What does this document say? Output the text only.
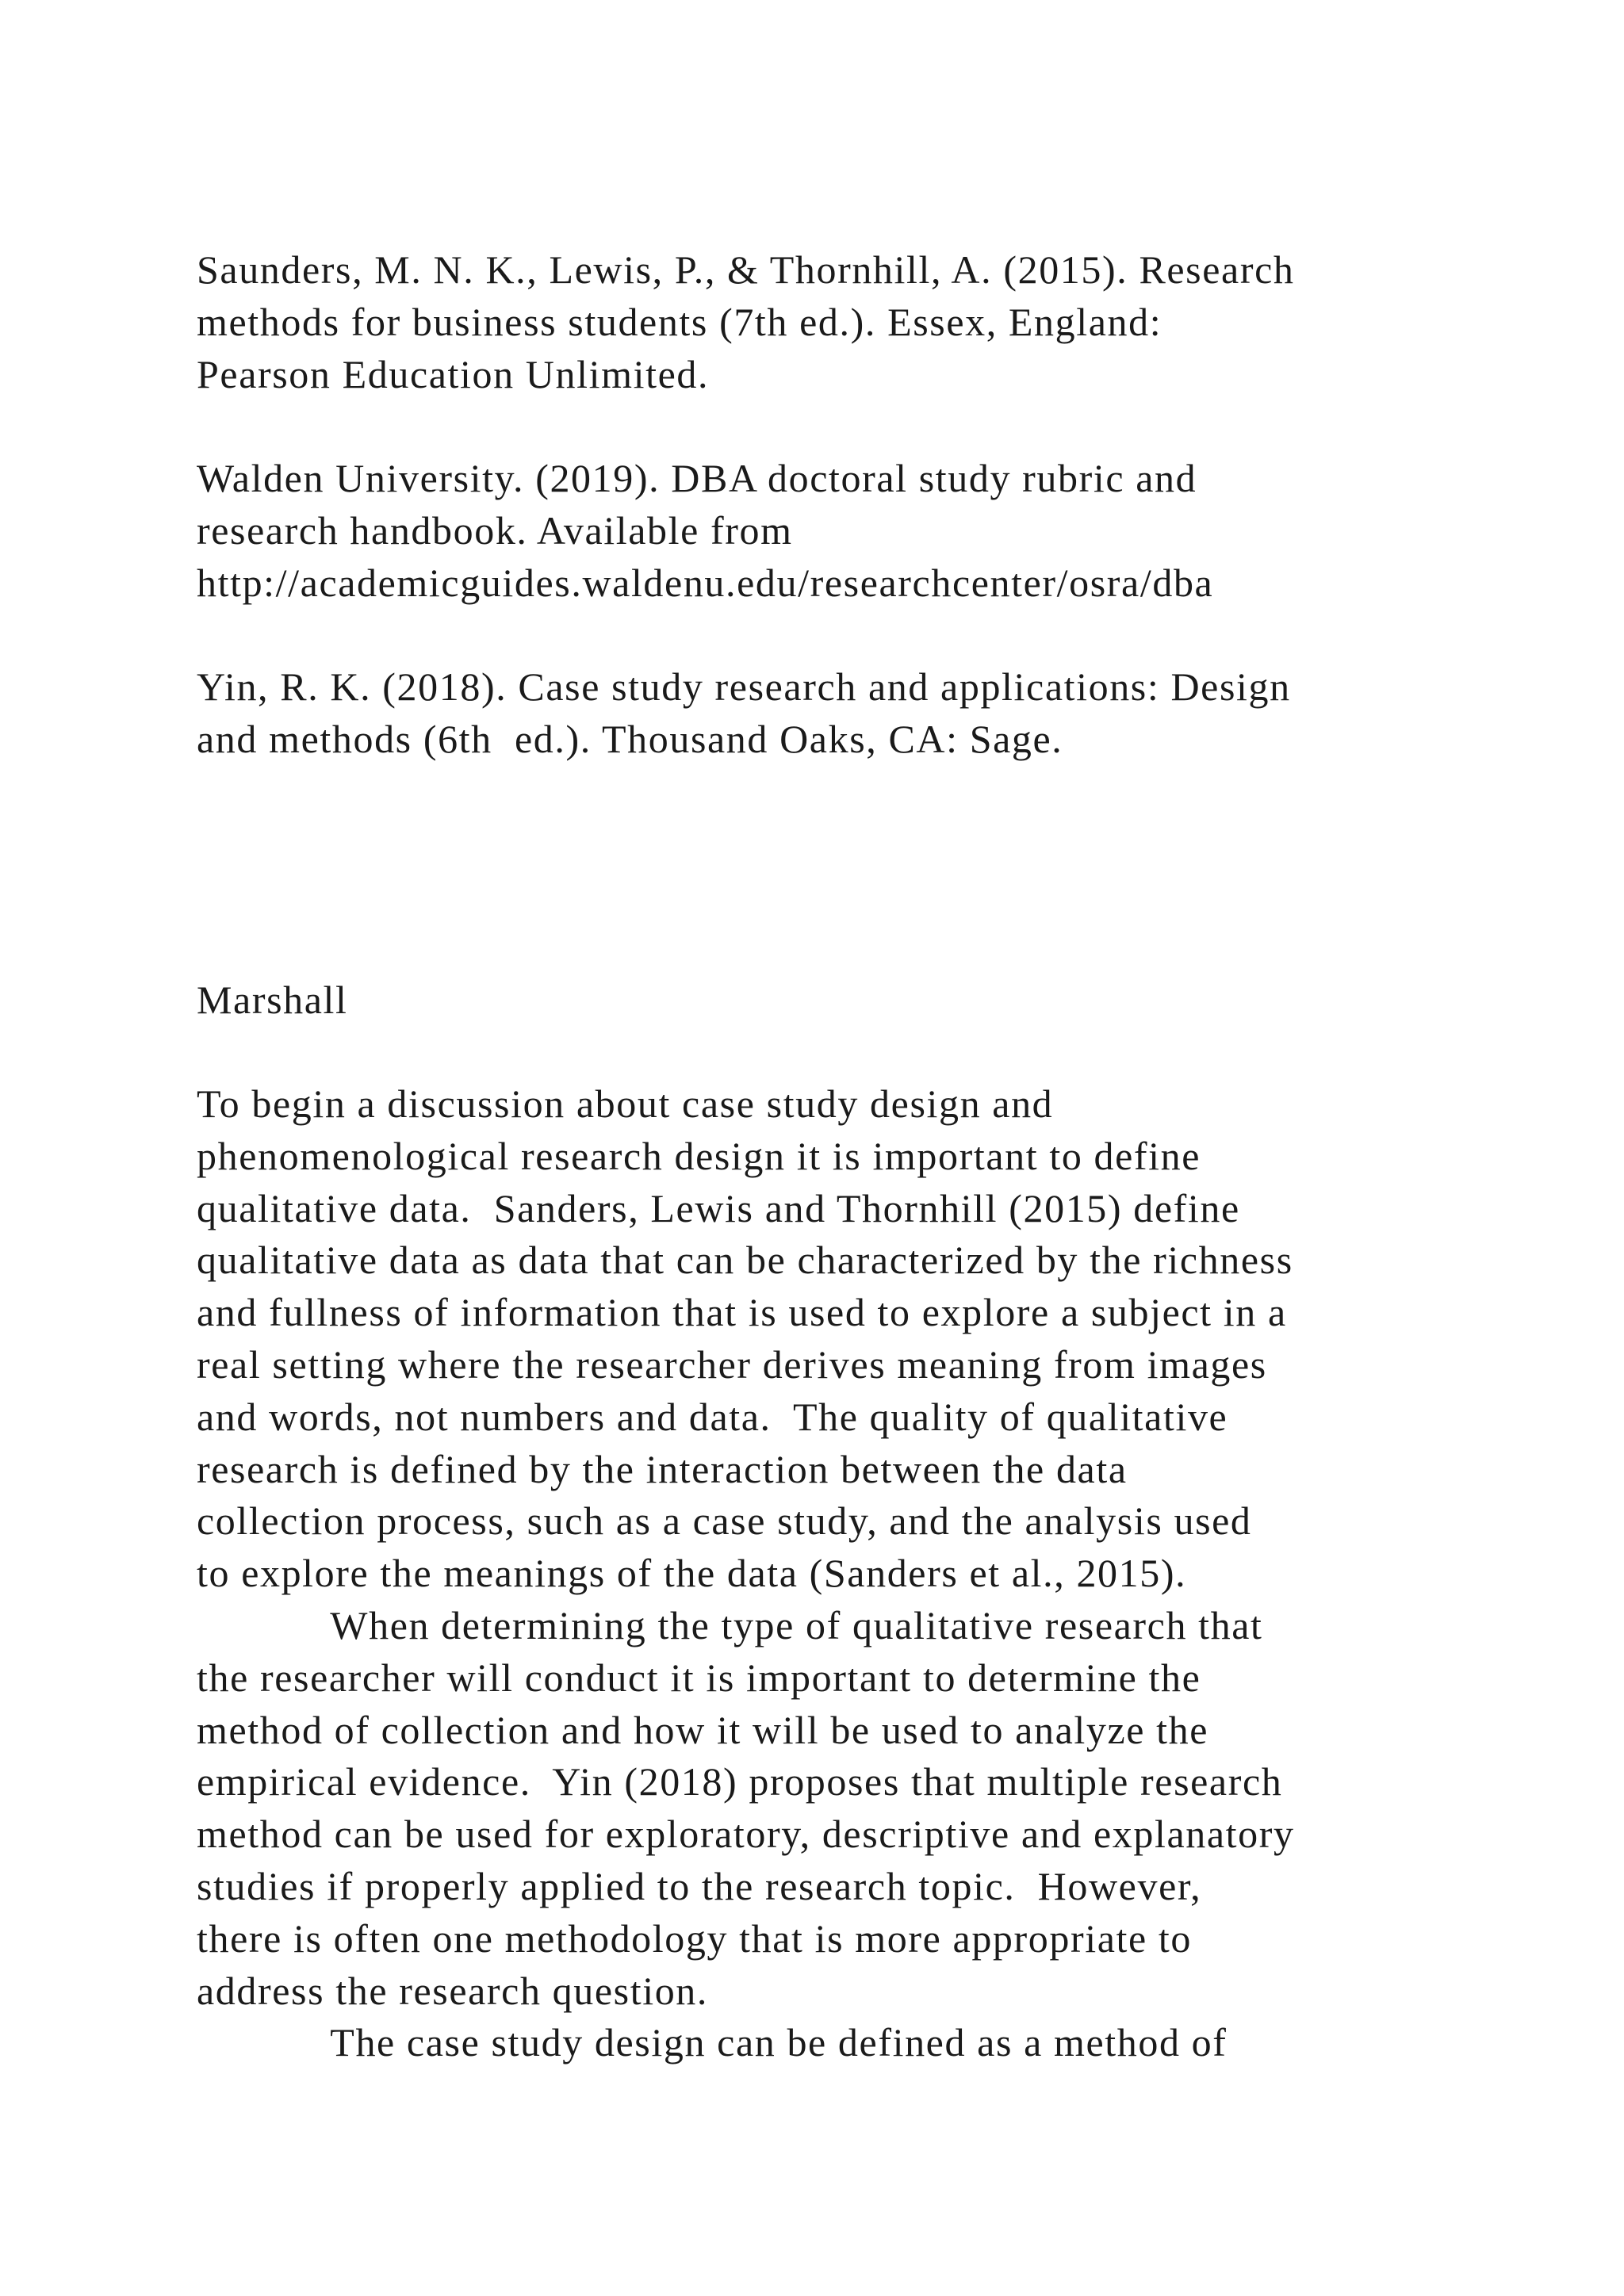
Saunders, M. N. K., Lewis, P., & Thornhill, A. (2015). Research
methods for business students (7th ed.). Essex, England:
Pearson Education Unlimited.

Walden University. (2019). DBA doctoral study rubric and
research handbook. Available from
http://academicguides.waldenu.edu/researchcenter/osra/dba

Yin, R. K. (2018). Case study research and applications: Design
and methods (6th  ed.). Thousand Oaks, CA: Sage.

Marshall

To begin a discussion about case study design and
phenomenological research design it is important to define
qualitative data.  Sanders, Lewis and Thornhill (2015) define
qualitative data as data that can be characterized by the richness
and fullness of information that is used to explore a subject in a
real setting where the researcher derives meaning from images
and words, not numbers and data.  The quality of qualitative
research is defined by the interaction between the data
collection process, such as a case study, and the analysis used
to explore the meanings of the data (Sanders et al., 2015).
When determining the type of qualitative research that
the researcher will conduct it is important to determine the
method of collection and how it will be used to analyze the
empirical evidence.  Yin (2018) proposes that multiple research
method can be used for exploratory, descriptive and explanatory
studies if properly applied to the research topic.  However,
there is often one methodology that is more appropriate to
address the research question.
The case study design can be defined as a method of
